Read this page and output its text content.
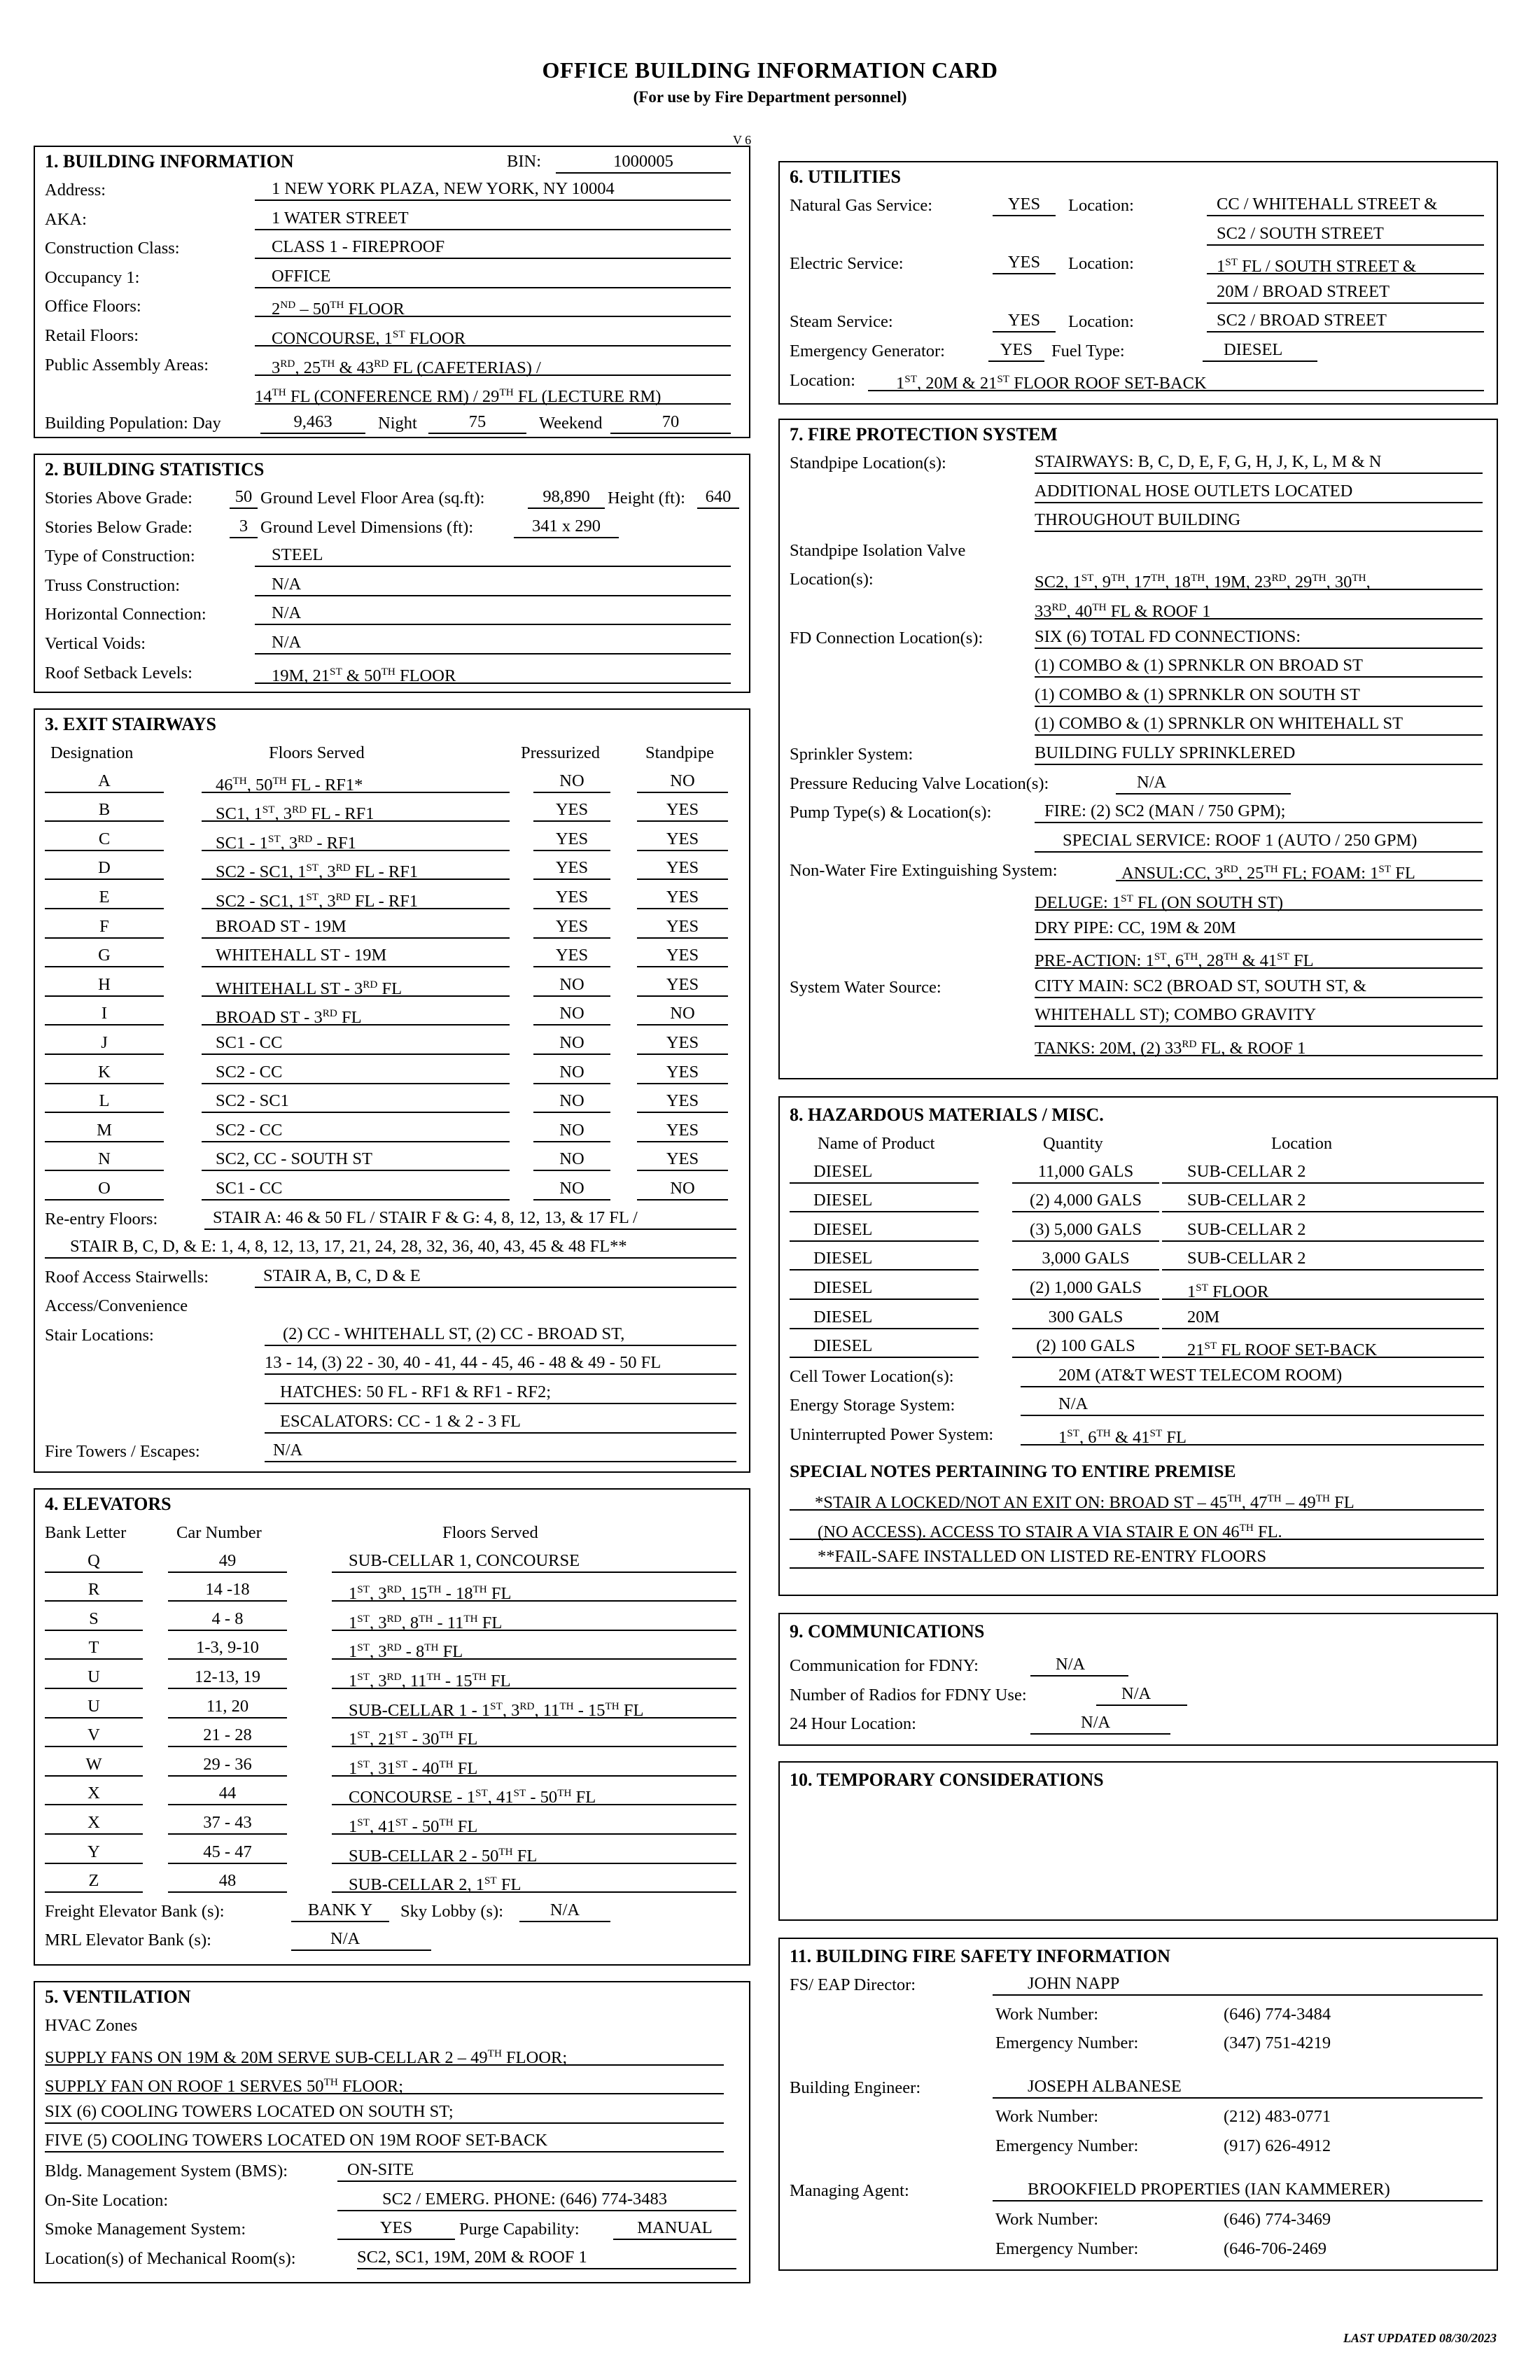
OFFICE BUILDING INFORMATION CARD
(For use by Fire Department personnel)
V 6
1. BUILDING INFORMATION	BIN:	1000005
Address:	1 NEW YORK PLAZA, NEW YORK, NY 10004
AKA:	1 WATER STREET
Construction Class:	CLASS 1 - FIREPROOF
Occupancy 1:	OFFICE
Office Floors:	2ND – 50TH FLOOR
Retail Floors:	CONCOURSE, 1ST FLOOR
Public Assembly Areas:	3RD, 25TH & 43RD FL (CAFETERIAS) /
14TH FL (CONFERENCE RM) / 29TH FL (LECTURE RM)
Building Population: Day	9,463	Night	75	Weekend	70
2. BUILDING STATISTICS
Stories Above Grade:	50 Ground Level Floor Area (sq.ft):	98,890	Height (ft):	640
Stories Below Grade:	3 Ground Level Dimensions (ft):	341 x 290
Type of Construction:	STEEL
Truss Construction:	N/A
Horizontal Connection:	N/A
Vertical Voids:	N/A
Roof Setback Levels:	19M, 21ST & 50TH FLOOR
3. EXIT STAIRWAYS
Designation	Floors Served	Pressurized	Standpipe
A	46TH, 50TH FL - RF1*	NO	NO
B	SC1, 1ST, 3RD FL - RF1	YES	YES
C	SC1 - 1ST, 3RD - RF1	YES	YES
D	SC2 - SC1, 1ST, 3RD FL - RF1	YES	YES
E	SC2 - SC1, 1ST, 3RD FL - RF1	YES	YES
F	BROAD ST - 19M	YES	YES
G	WHITEHALL ST - 19M	YES	YES
H	WHITEHALL ST - 3RD FL	NO	YES
I	BROAD ST - 3RD FL	NO	NO
J	SC1 - CC	NO	YES
K	SC2 - CC	NO	YES
L	SC2 - SC1	NO	YES
M	SC2 - CC	NO	YES
N	SC2, CC - SOUTH ST	NO	YES
O	SC1 - CC	NO	NO
Re-entry Floors:	STAIR A: 46 & 50 FL / STAIR F & G: 4, 8, 12, 13, & 17 FL /
STAIR B, C, D, & E: 1, 4, 8, 12, 13, 17, 21, 24, 28, 32, 36, 40, 43, 45 & 48 FL**
Roof Access Stairwells:	STAIR A, B, C, D & E
Access/Convenience
Stair Locations:	(2) CC - WHITEHALL ST, (2) CC - BROAD ST,
13 - 14, (3) 22 - 30, 40 - 41, 44 - 45, 46 - 48 & 49 - 50 FL
HATCHES: 50 FL - RF1 & RF1 - RF2;
ESCALATORS: CC - 1 & 2 - 3 FL
Fire Towers / Escapes:	N/A
4. ELEVATORS
Bank Letter	Car Number	Floors Served
Q	49	SUB-CELLAR 1, CONCOURSE
R	14 -18	1ST, 3RD, 15TH - 18TH FL
S	4 - 8	1ST, 3RD, 8TH - 11TH FL
T	1-3, 9-10	1ST, 3RD - 8TH FL
U	12-13, 19	1ST, 3RD, 11TH - 15TH FL
U	11, 20	SUB-CELLAR 1 - 1ST, 3RD, 11TH - 15TH FL
V	21 - 28	1ST, 21ST - 30TH FL
W	29 - 36	1ST, 31ST - 40TH FL
X	44	CONCOURSE - 1ST, 41ST - 50TH FL
X	37 - 43	1ST, 41ST - 50TH FL
Y	45 - 47	SUB-CELLAR 2 - 50TH FL
Z	48	SUB-CELLAR 2, 1ST FL
Freight Elevator Bank (s):	BANK Y	Sky Lobby (s):	N/A
MRL Elevator Bank (s):	N/A
5. VENTILATION
HVAC Zones
SUPPLY FANS ON 19M & 20M SERVE SUB-CELLAR 2 – 49TH FLOOR;
SUPPLY FAN ON ROOF 1 SERVES 50TH FLOOR;
SIX (6) COOLING TOWERS LOCATED ON SOUTH ST;
FIVE (5) COOLING TOWERS LOCATED ON 19M ROOF SET-BACK
Bldg. Management System (BMS):	ON-SITE
On-Site Location:	SC2 / EMERG. PHONE: (646) 774-3483
Smoke Management System:	YES	Purge Capability:	MANUAL
Location(s) of Mechanical Room(s):	SC2, SC1, 19M, 20M & ROOF 1
6. UTILITIES
Natural Gas Service:	YES	Location:	CC / WHITEHALL STREET &
SC2 / SOUTH STREET
Electric Service:	YES	Location:	1ST FL / SOUTH STREET &
20M / BROAD STREET
Steam Service:	YES	Location:	SC2 / BROAD STREET
Emergency Generator:	YES	Fuel Type:	DIESEL
Location:	1ST, 20M & 21ST FLOOR ROOF SET-BACK
7. FIRE PROTECTION SYSTEM
Standpipe Location(s):	STAIRWAYS: B, C, D, E, F, G, H, J, K, L, M & N
ADDITIONAL HOSE OUTLETS LOCATED
THROUGHOUT BUILDING
Standpipe Isolation Valve
Location(s):	SC2, 1ST, 9TH, 17TH, 18TH, 19M, 23RD, 29TH, 30TH,
33RD, 40TH FL & ROOF 1
FD Connection Location(s):	SIX (6) TOTAL FD CONNECTIONS:
(1) COMBO & (1) SPRNKLR ON BROAD ST
(1) COMBO & (1) SPRNKLR ON SOUTH ST
(1) COMBO & (1) SPRNKLR ON WHITEHALL ST
Sprinkler System:	BUILDING FULLY SPRINKLERED
Pressure Reducing Valve Location(s):	N/A
Pump Type(s) & Location(s):	FIRE: (2) SC2 (MAN / 750 GPM);
SPECIAL SERVICE: ROOF 1 (AUTO / 250 GPM)
Non-Water Fire Extinguishing System:	ANSUL:CC, 3RD, 25TH FL; FOAM: 1ST FL
DELUGE: 1ST FL (ON SOUTH ST)
DRY PIPE: CC, 19M & 20M
PRE-ACTION: 1ST, 6TH, 28TH & 41ST FL
System Water Source:	CITY MAIN: SC2 (BROAD ST, SOUTH ST, &
WHITEHALL ST); COMBO GRAVITY
TANKS: 20M, (2) 33RD FL, & ROOF 1
8. HAZARDOUS MATERIALS / MISC.
Name of Product	Quantity	Location
DIESEL	11,000 GALS	SUB-CELLAR 2
DIESEL	(2) 4,000 GALS	SUB-CELLAR 2
DIESEL	(3) 5,000 GALS	SUB-CELLAR 2
DIESEL	3,000 GALS	SUB-CELLAR 2
DIESEL	(2) 1,000 GALS	1ST FLOOR
DIESEL	300 GALS	20M
DIESEL	(2) 100 GALS	21ST FL ROOF SET-BACK
Cell Tower Location(s):	20M (AT&T WEST TELECOM ROOM)
Energy Storage System:	N/A
Uninterrupted Power System:	1ST, 6TH & 41ST FL
SPECIAL NOTES PERTAINING TO ENTIRE PREMISE
*STAIR A LOCKED/NOT AN EXIT ON: BROAD ST – 45TH, 47TH – 49TH FL
(NO ACCESS). ACCESS TO STAIR A VIA STAIR E ON 46TH FL.
**FAIL-SAFE INSTALLED ON LISTED RE-ENTRY FLOORS
9. COMMUNICATIONS
Communication for FDNY:	N/A
Number of Radios for FDNY Use:	N/A
24 Hour Location:	N/A
10. TEMPORARY CONSIDERATIONS
11. BUILDING FIRE SAFETY INFORMATION
FS/ EAP Director:	JOHN NAPP
Work Number:	(646) 774-3484
Emergency Number:	(347) 751-4219
Building Engineer:	JOSEPH ALBANESE
Work Number:	(212) 483-0771
Emergency Number:	(917) 626-4912
Managing Agent:	BROOKFIELD PROPERTIES (IAN KAMMERER)
Work Number:	(646) 774-3469
Emergency Number:	(646-706-2469
LAST UPDATED 08/30/2023
